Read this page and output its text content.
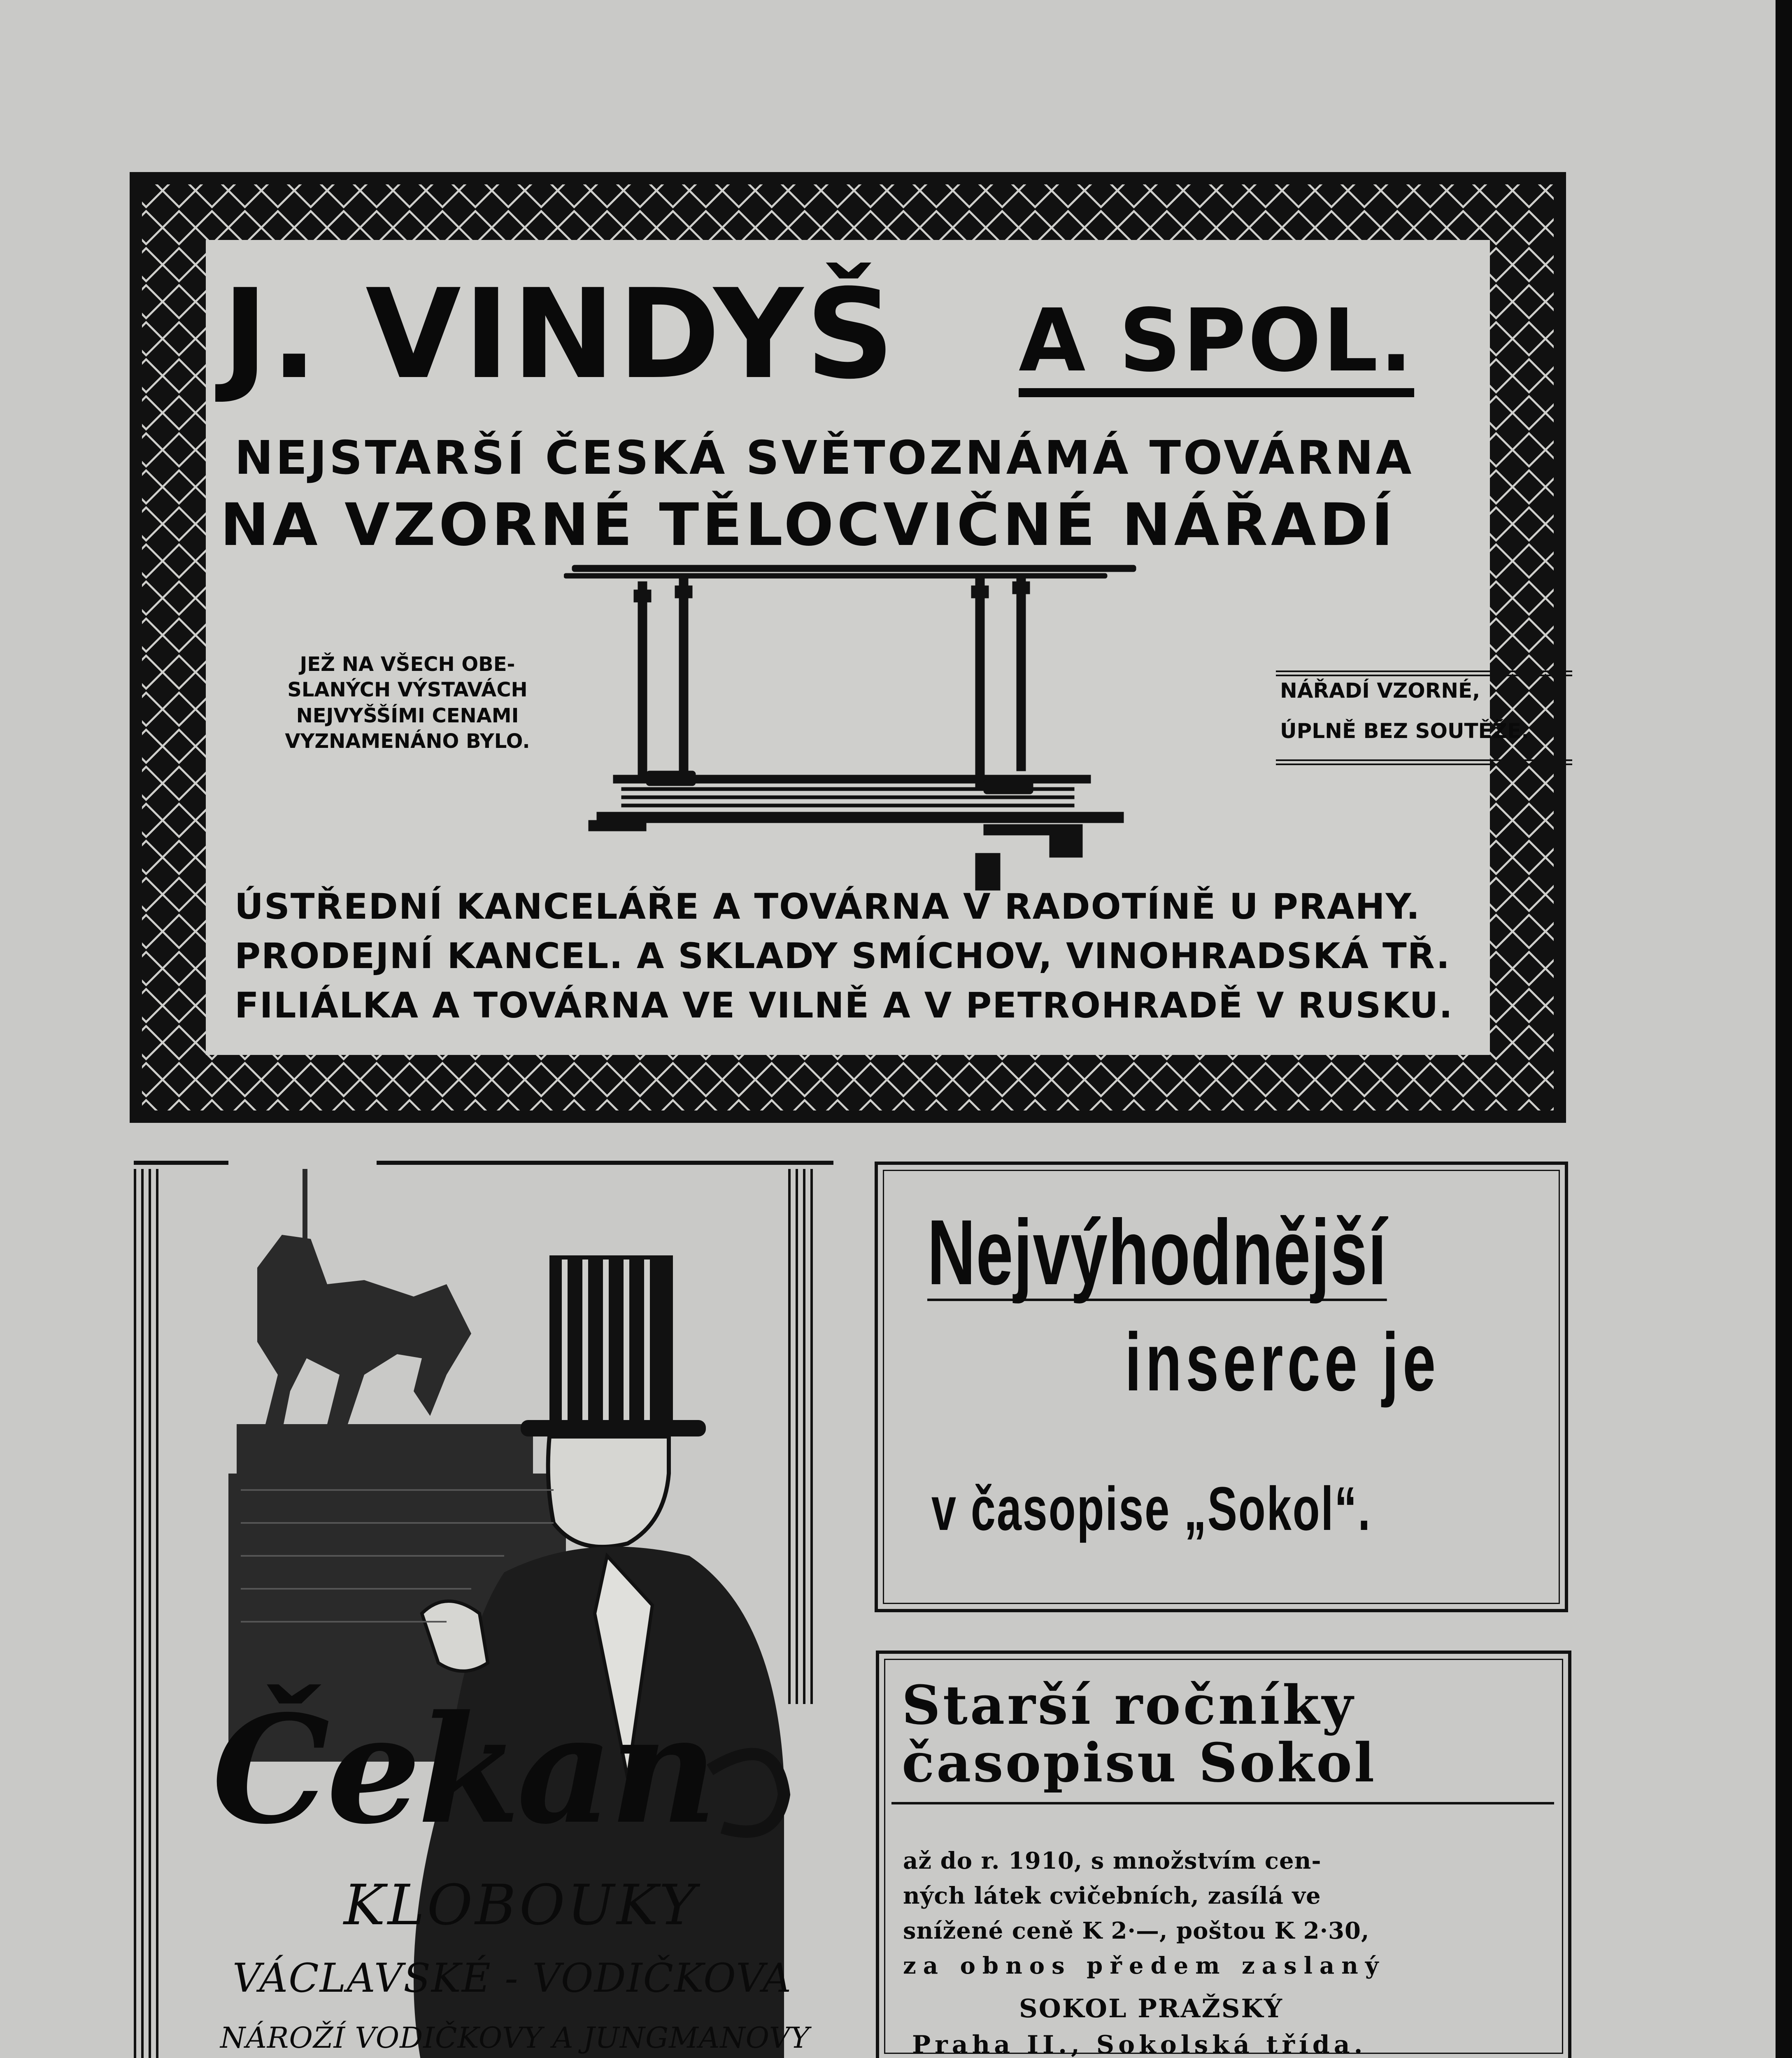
J. VINDYŠ A SPOL.
NEJSTARŠÍ ČESKÁ SVĚTOZNÁMÁ TOVÁRNA
NA VZORNÉ TĚLOCVIČNÉ NÁŘADÍ
JEŽ NA VŠECH OBE-
SLANÝCH VÝSTAVÁCH
NEJVYŠŠÍMI CENAMI
VYZNAMENÁNO BYLO.
NÁŘADÍ VZORNÉ,
ÚPLNĚ BEZ SOUTĚŽE.
ÚSTŘEDNÍ KANCELÁŘE A TOVÁRNA V RADOTÍNĚ U PRAHY.
PRODEJNÍ KANCEL. A SKLADY SMÍCHOV, VINOHRADSKÁ TŘ.
FILIÁLKA A TOVÁRNA VE VILNĚ A V PETROHRADĚ V RUSKU.
Čekan
KLOBOUKY
VÁCLAVSKÉ - VODIČKOVA
NÁROŽÍ VODIČKOVY A JUNGMANOVY
Nejvýhodnější
inserce je
v časopise „Sokol“.
Starší ročníky
časopisu Sokol
až do r. 1910, s množstvím cen-
ných látek cvičebních, zasílá ve
snížené ceně K 2·—, poštou K 2·30,
za obnos předem zaslaný
SOKOL PRAŽSKÝ
Praha II., Sokolská třída.
